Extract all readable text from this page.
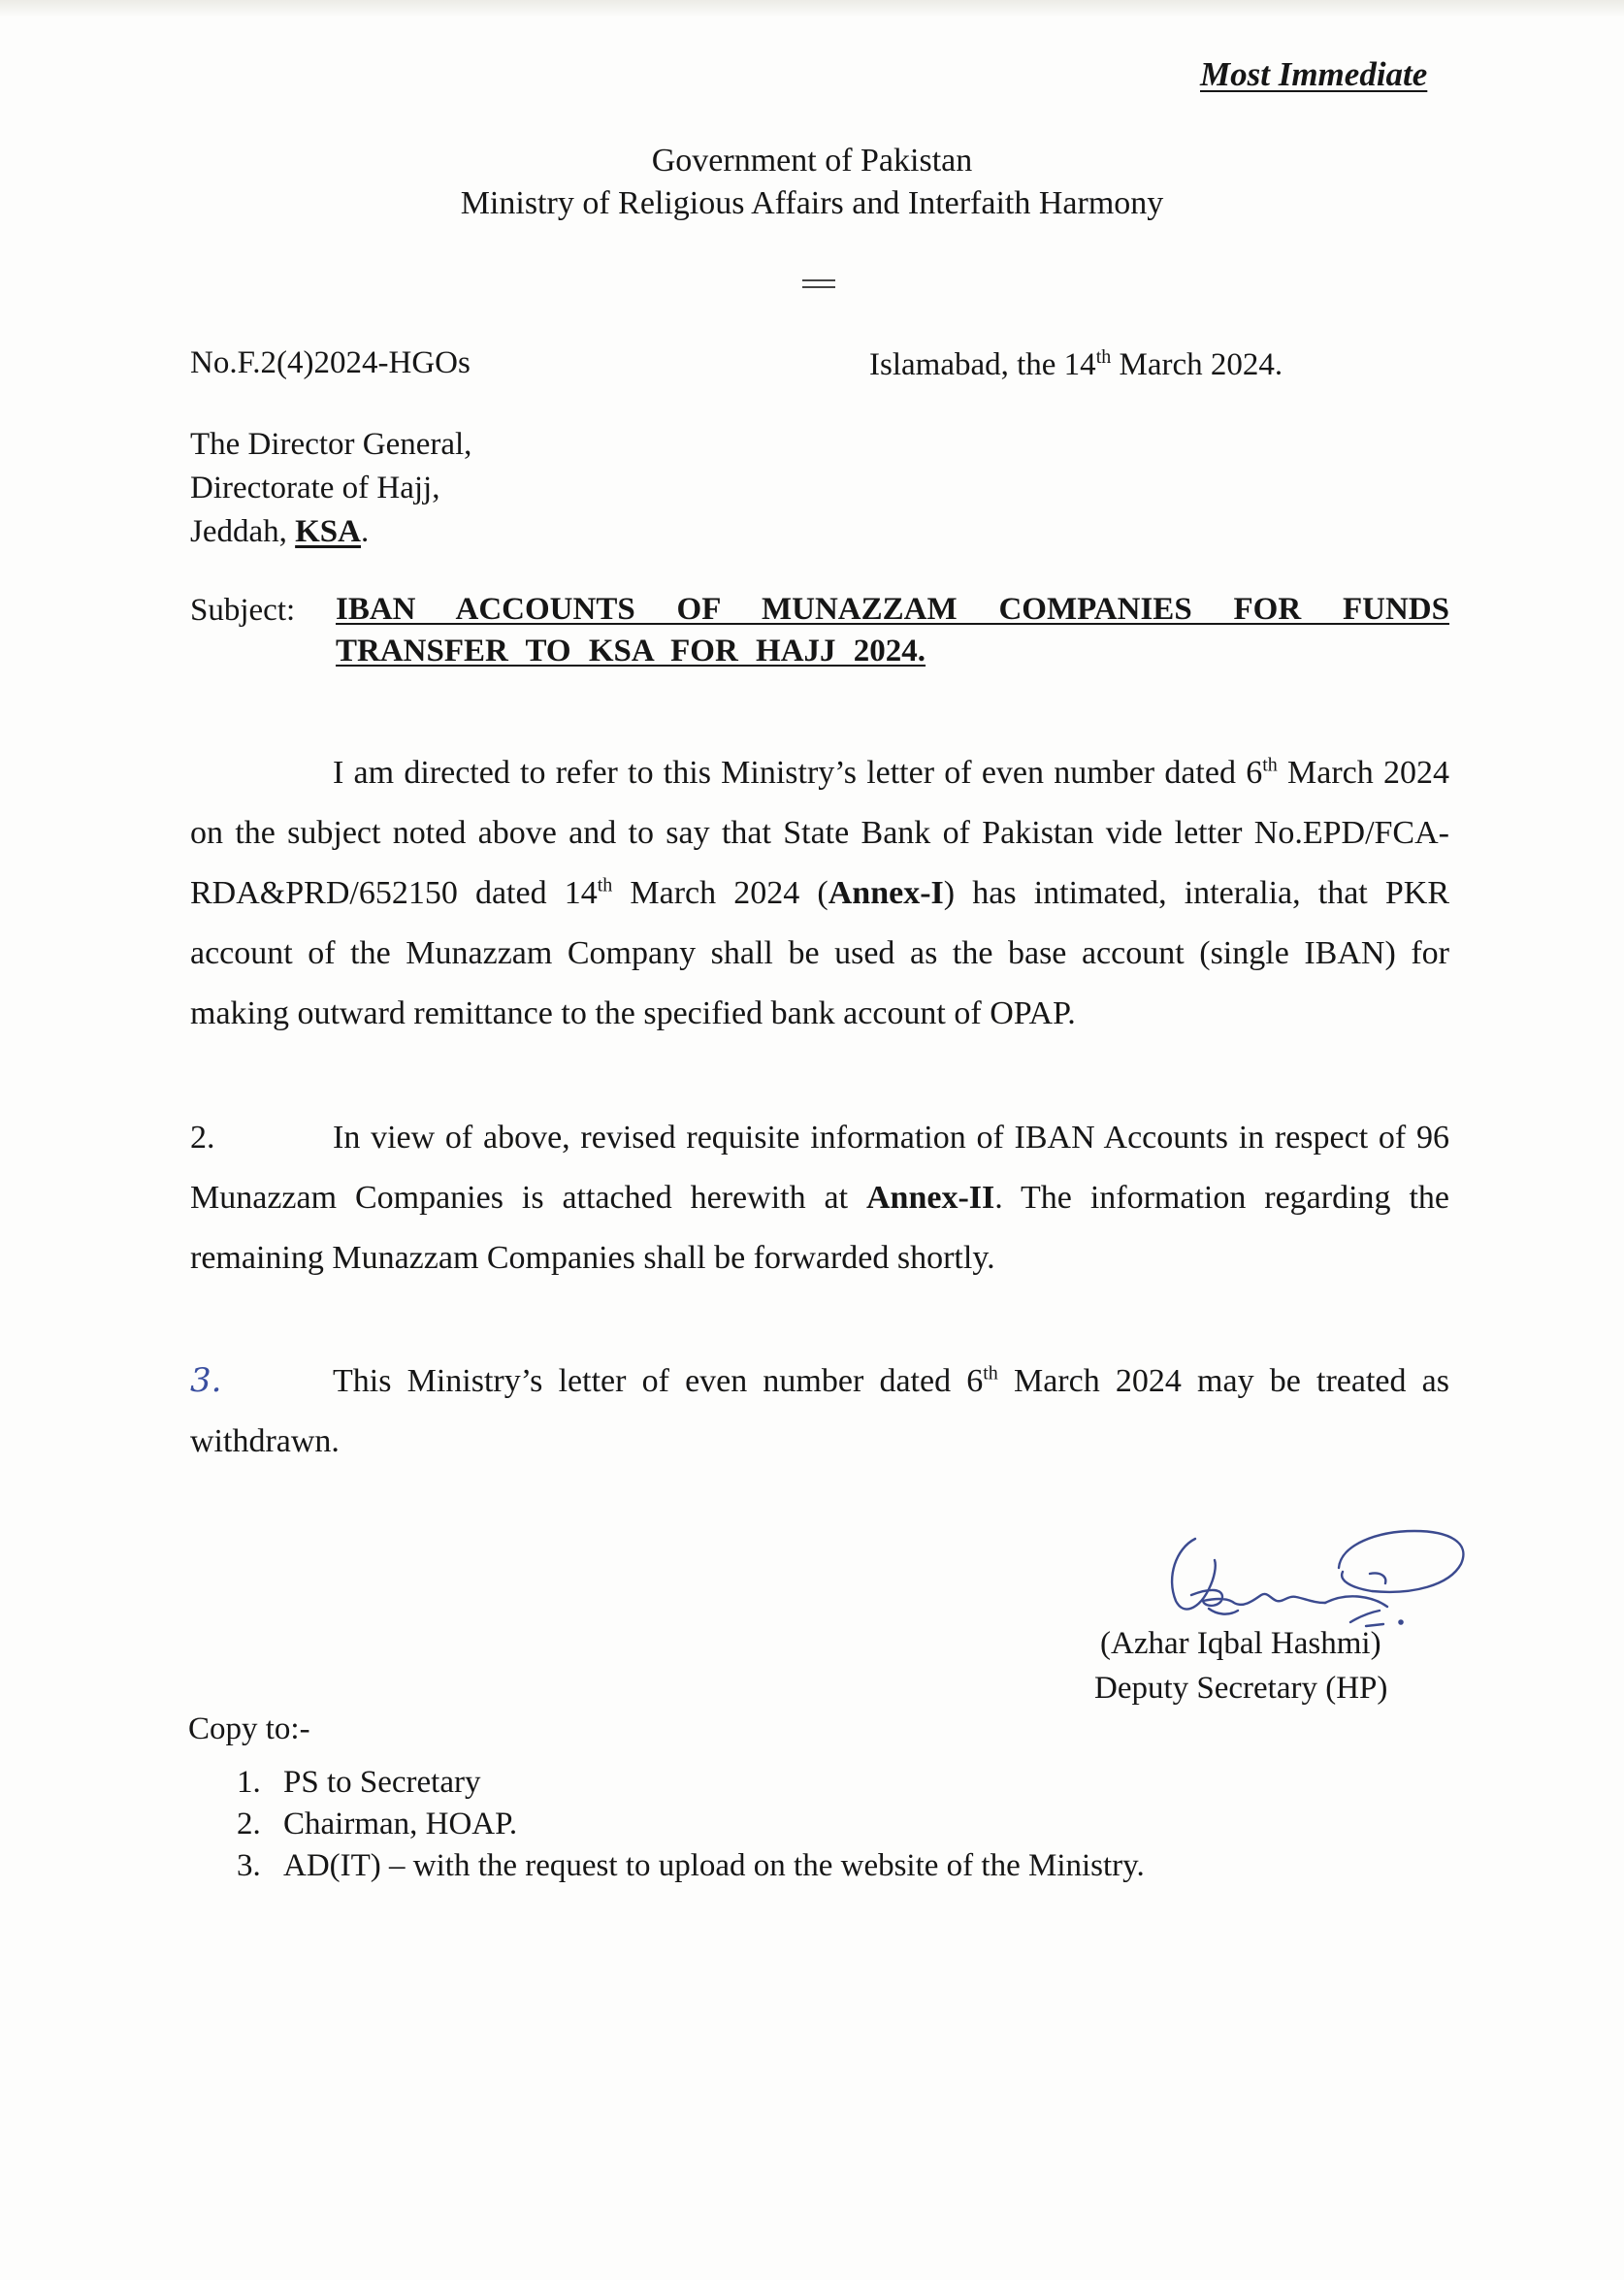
Most Immediate
Government of Pakistan
Ministry of Religious Affairs and Interfaith Harmony
No.F.2(4)2024-HGOs	Islamabad, the 14th March 2024.
The Director General,
Directorate of Hajj,
Jeddah, KSA.
Subject: IBAN ACCOUNTS OF MUNAZZAM COMPANIES FOR FUNDS TRANSFER TO KSA FOR HAJJ 2024.
I am directed to refer to this Ministry’s letter of even number dated 6th March 2024 on the subject noted above and to say that State Bank of Pakistan vide letter No.EPD/FCA-RDA&PRD/652150 dated 14th March 2024 (Annex-I) has intimated, interalia, that PKR account of the Munazzam Company shall be used as the base account (single IBAN) for making outward remittance to the specified bank account of OPAP.
2.	In view of above, revised requisite information of IBAN Accounts in respect of 96 Munazzam Companies is attached herewith at Annex-II. The information regarding the remaining Munazzam Companies shall be forwarded shortly.
3.	This Ministry’s letter of even number dated 6th March 2024 may be treated as withdrawn.
(Azhar Iqbal Hashmi)
Deputy Secretary (HP)
Copy to:-
1. PS to Secretary
2. Chairman, HOAP.
3. AD(IT) – with the request to upload on the website of the Ministry.
